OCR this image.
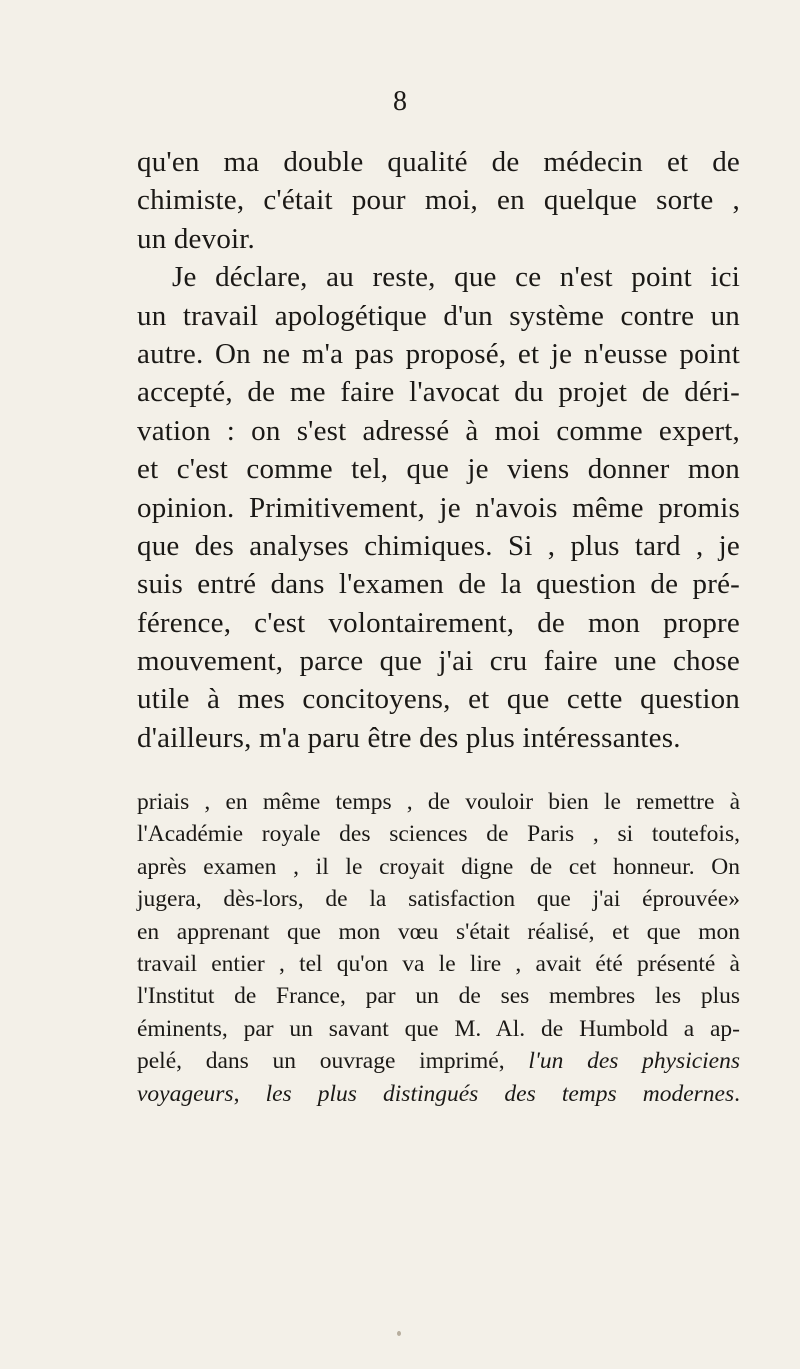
8
qu'en ma double qualité de médecin et de
chimiste, c'était pour moi, en quelque sorte ,
un devoir.
Je déclare, au reste, que ce n'est point ici
un travail apologétique d'un système contre un
autre. On ne m'a pas proposé, et je n'eusse point
accepté, de me faire l'avocat du projet de déri-
vation : on s'est adressé à moi comme expert,
et c'est comme tel, que je viens donner mon
opinion. Primitivement, je n'avois même promis
que des analyses chimiques. Si , plus tard , je
suis entré dans l'examen de la question de pré-
férence, c'est volontairement, de mon propre
mouvement, parce que j'ai cru faire une chose
utile à mes concitoyens, et que cette question
d'ailleurs, m'a paru être des plus intéressantes.
priais , en même temps , de vouloir bien le remettre à
l'Académie royale des sciences de Paris , si toutefois,
après examen , il le croyait digne de cet honneur. On
jugera, dès-lors, de la satisfaction que j'ai éprouvée»
en apprenant que mon vœu s'était réalisé, et que mon
travail entier , tel qu'on va le lire , avait été présenté à
l'Institut de France, par un de ses membres les plus
éminents, par un savant que M. Al. de Humbold a ap-
pelé, dans un ouvrage imprimé, l'un des physiciens
voyageurs, les plus distingués des temps modernes.
